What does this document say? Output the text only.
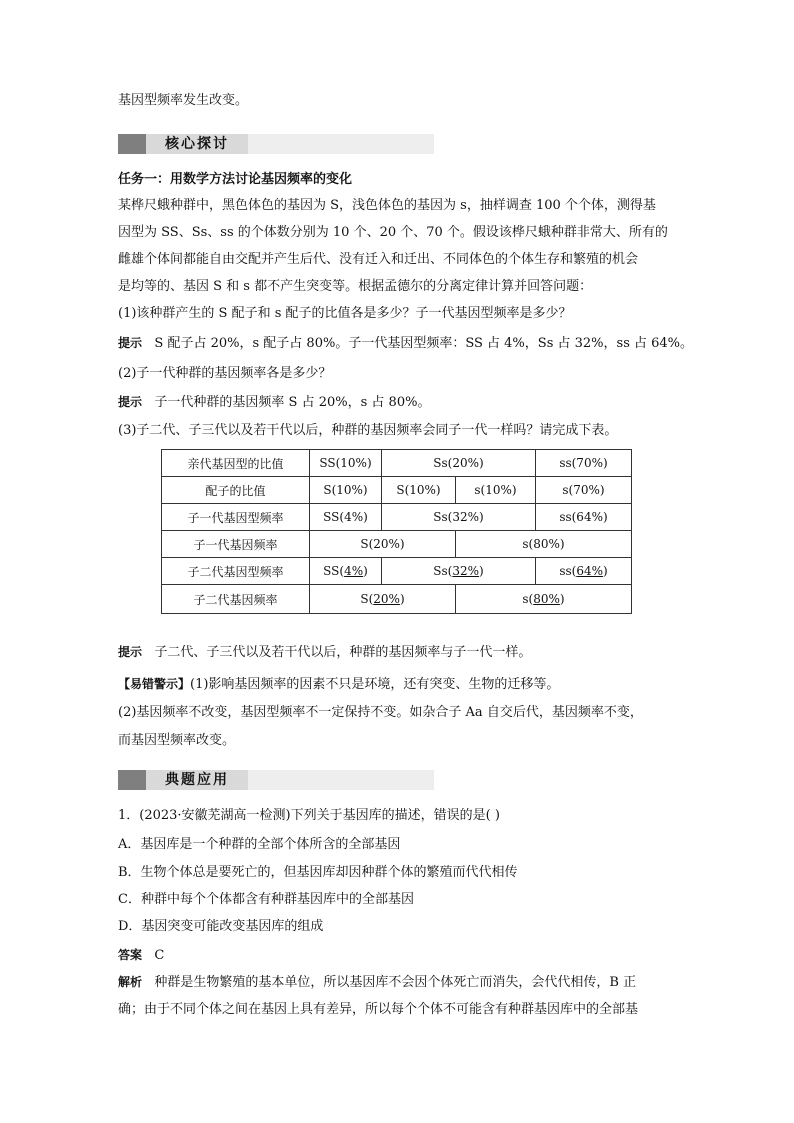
基因型频率发生改变。
核心探讨
任务一：用数学方法讨论基因频率的变化
某桦尺蛾种群中，黑色体色的基因为 S，浅色体色的基因为 s，抽样调查 100 个个体，测得基
因型为 SS、Ss、ss 的个体数分别为 10 个、20 个、70 个。假设该桦尺蛾种群非常大、所有的
雌雄个体间都能自由交配并产生后代、没有迁入和迁出、不同体色的个体生存和繁殖的机会
是均等的、基因 S 和 s 都不产生突变等。根据孟德尔的分离定律计算并回答问题：
(1)该种群产生的 S 配子和 s 配子的比值各是多少？子一代基因型频率是多少？
提示 S 配子占 20%，s 配子占 80%。子一代基因型频率：SS 占 4%，Ss 占 32%，ss 占 64%。
(2)子一代种群的基因频率各是多少？
提示 子一代种群的基因频率 S 占 20%，s 占 80%。
(3)子二代、子三代以及若干代以后，种群的基因频率会同子一代一样吗？请完成下表。
亲代基因型的比值	SS(10%)	Ss(20%)		ss(70%)
配子的比值	S(10%)	S(10%)	s(10%)	s(70%)
子一代基因型频率	SS(4%)	Ss(32%)		ss(64%)
子一代基因频率	S(20%)		s(80%)	
子二代基因型频率	SS(4%)	Ss(32%)		ss(64%)
子二代基因频率	S(20%)		s(80%)	
提示 子二代、子三代以及若干代以后，种群的基因频率与子一代一样。
【易错警示】(1)影响基因频率的因素不只是环境，还有突变、生物的迁移等。
(2)基因频率不改变，基因型频率不一定保持不变。如杂合子 Aa 自交后代，基因频率不变，
而基因型频率改变。
典题应用
1．(2023·安徽芜湖高一检测)下列关于基因库的描述，错误的是( )
A．基因库是一个种群的全部个体所含的全部基因
B．生物个体总是要死亡的，但基因库却因种群个体的繁殖而代代相传
C．种群中每个个体都含有种群基因库中的全部基因
D．基因突变可能改变基因库的组成
答案 C
解析 种群是生物繁殖的基本单位，所以基因库不会因个体死亡而消失，会代代相传，B 正
确；由于不同个体之间在基因上具有差异，所以每个个体不可能含有种群基因库中的全部基
